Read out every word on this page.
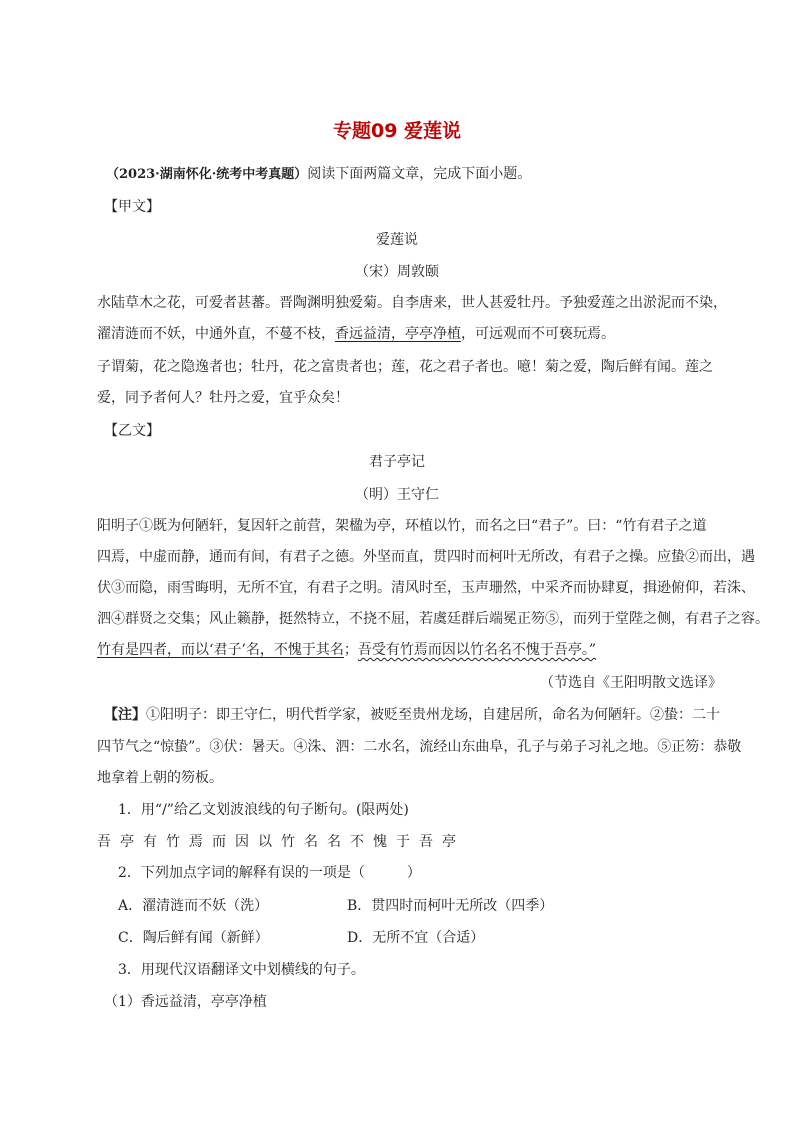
专题09 爱莲说
（2023·湖南怀化·统考中考真题）阅读下面两篇文章，完成下面小题。
【甲文】
爱莲说
（宋）周敦颐
水陆草木之花，可爱者甚蕃。晋陶渊明独爱菊。自李唐来，世人甚爱牡丹。予独爱莲之出淤泥而不染，
濯清涟而不妖，中通外直，不蔓不枝，香远益清，亭亭净植，可远观而不可亵玩焉。
子谓菊，花之隐逸者也；牡丹，花之富贵者也；莲，花之君子者也。噫！菊之爱，陶后鲜有闻。莲之
爱，同予者何人？牡丹之爱，宜乎众矣！
【乙文】
君子亭记
（明）王守仁
阳明子①既为何陋轩，复因轩之前营，架楹为亭，环植以竹，而名之曰“君子”。曰：“竹有君子之道
四焉，中虚而静，通而有间，有君子之德。外坚而直，贯四时而柯叶无所改，有君子之操。应蛰②而出，遇
伏③而隐，雨雪晦明，无所不宜，有君子之明。清风时至，玉声珊然，中采齐而协肆夏，揖逊俯仰，若洙、
泗④群贤之交集；风止籁静，挺然特立，不挠不屈，若虞廷群后端冕正笏⑤，而列于堂陛之侧，有君子之容。
竹有是四者，而以‘君子’名，不愧于其名；吾受有竹焉而因以竹名名不愧于吾亭。”
（节选自《王阳明散文选译》
【注】①阳明子：即王守仁，明代哲学家，被贬至贵州龙场，自建居所，命名为何陋轩。②蛰：二十
四节气之“惊蛰”。③伏：暑天。④洙、泗：二水名，流经山东曲阜，孔子与弟子习礼之地。⑤正笏：恭敬
地拿着上朝的笏板。
1．用“/”给乙文划波浪线的句子断句。(限两处)
吾亭有竹焉而因以竹名名不愧于吾亭
2．下列加点字词的解释有误的一项是（　　　）
A．濯清涟而不妖（洗）	B．贯四时而柯叶无所改（四季）
C．陶后鲜有闻（新鲜）	D．无所不宜（合适）
3．用现代汉语翻译文中划横线的句子。
（1）香远益清，亭亭净植
